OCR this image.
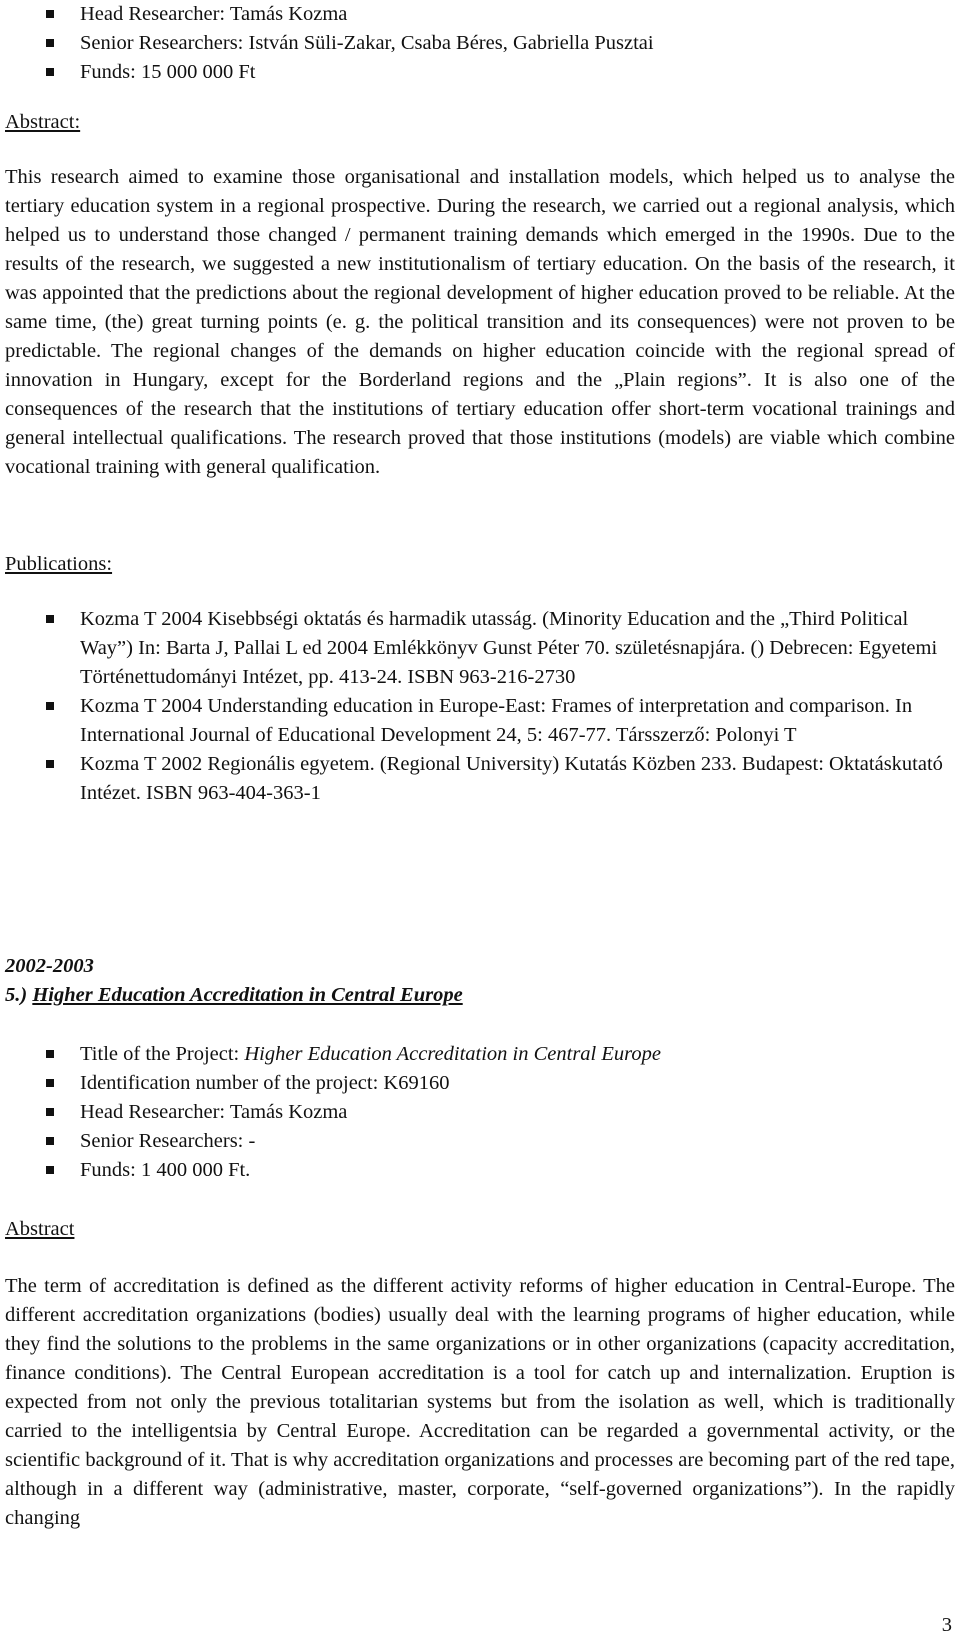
Head Researcher: Tamás Kozma
Senior Researchers: István Süli-Zakar, Csaba Béres, Gabriella Pusztai
Funds: 15 000 000 Ft
Abstract:

This research aimed to examine those organisational and installation models, which helped us to analyse the tertiary education system in a regional prospective. During the research, we carried out a regional analysis, which helped us to understand those changed / permanent training demands which emerged in the 1990s. Due to the results of the research, we suggested a new institutionalism of tertiary education. On the basis of the research, it was appointed that the predictions about the regional development of higher education proved to be reliable. At the same time, (the) great turning points (e. g. the political transition and its consequences) were not proven to be predictable. The regional changes of the demands on higher education coincide with the regional spread of innovation in Hungary, except for the Borderland regions and the „Plain regions”. It is also one of the consequences of the research that the institutions of tertiary education offer short-term vocational trainings and general intellectual qualifications. The research proved that those institutions (models) are viable which combine vocational training with general qualification.

Publications:
Kozma T 2004 Kisebbségi oktatás és harmadik utasság. (Minority Education and the „Third Political Way”) In: Barta J, Pallai L ed 2004 Emlékkönyv Gunst Péter 70. születésnapjára. () Debrecen: Egyetemi Történettudományi Intézet, pp. 413-24. ISBN 963-216-2730
Kozma T 2004 Understanding education in Europe-East: Frames of interpretation and comparison. In International Journal of Educational Development 24, 5: 467-77. Társszerző: Polonyi T
Kozma T 2002 Regionális egyetem. (Regional University) Kutatás Közben 233. Budapest: Oktatáskutató Intézet. ISBN 963-404-363-1
2002-2003
5.) Higher Education Accreditation in Central Europe
Title of the Project: Higher Education Accreditation in Central Europe
Identification number of the project: K69160
Head Researcher: Tamás Kozma
Senior Researchers: -
Funds: 1 400 000 Ft.
Abstract

The term of accreditation is defined as the different activity reforms of higher education in Central-Europe. The different accreditation organizations (bodies) usually deal with the learning programs of higher education, while they find the solutions to the problems in the same organizations or in other organizations (capacity accreditation, finance conditions). The Central European accreditation is a tool for catch up and internalization. Eruption is expected from not only the previous totalitarian systems but from the isolation as well, which is traditionally carried to the intelligentsia by Central Europe. Accreditation can be regarded a governmental activity, or the scientific background of it. That is why accreditation organizations and processes are becoming part of the red tape, although in a different way (administrative, master, corporate, “self-governed organizations”). In the rapidly changing

3
